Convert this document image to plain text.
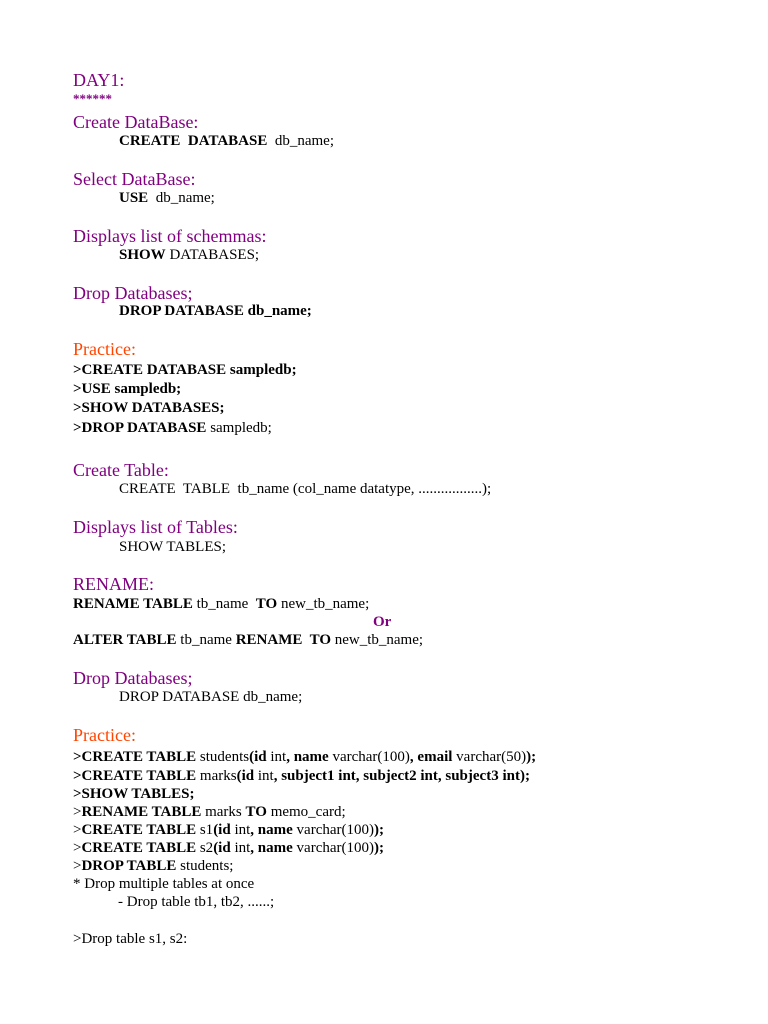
DAY1:
******
Create DataBase:
CREATE  DATABASE  db_name;
Select DataBase:
USE  db_name;
Displays list of schemmas:
SHOW DATABASES;
Drop Databases;
DROP DATABASE db_name;
Practice:
>CREATE DATABASE sampledb;
>USE sampledb;
>SHOW DATABASES;
>DROP DATABASE sampledb;
Create Table:
CREATE  TABLE  tb_name (col_name datatype, .................);
Displays list of Tables:
SHOW TABLES;
RENAME:
RENAME TABLE tb_name  TO new_tb_name;
Or
ALTER TABLE tb_name RENAME  TO new_tb_name;
Drop Databases;
DROP DATABASE db_name;
Practice:
>CREATE TABLE students(id int, name varchar(100), email varchar(50));
>CREATE TABLE marks(id int, subject1 int, subject2 int, subject3 int);
>SHOW TABLES;
>RENAME TABLE marks TO memo_card;
>CREATE TABLE s1(id int, name varchar(100));
>CREATE TABLE s2(id int, name varchar(100));
>DROP TABLE students;
* Drop multiple tables at once
- Drop table tb1, tb2, ......;
>Drop table s1, s2:
